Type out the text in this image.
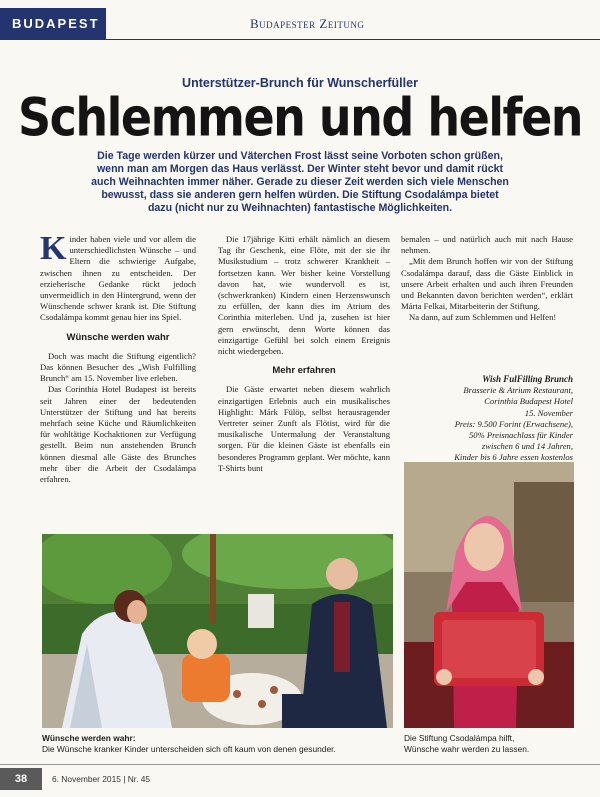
BUDAPEST	Budapester Zeitung
Unterstützer-Brunch für Wunscherfüller
Schlemmen und helfen
Die Tage werden kürzer und Väterchen Frost lässt seine Vorboten schon grüßen, wenn man am Morgen das Haus verlässt. Der Winter steht bevor und damit rückt auch Weihnachten immer näher. Gerade zu dieser Zeit werden sich viele Menschen bewusst, dass sie anderen gern helfen würden. Die Stiftung Csodalámpa bietet dazu (nicht nur zu Weihnachten) fantastische Möglichkeiten.
K inder haben viele und vor allem die unterschiedlichsten Wünsche – und Eltern die schwierige Aufgabe, zwischen ihnen zu entscheiden. Der erzieherische Gedanke rückt jedoch unvermeidlich in den Hintergrund, wenn der Wünschende schwer krank ist. Die Stiftung Csodalámpa kommt genau hier ins Spiel.

Wünsche werden wahr

Doch was macht die Stiftung eigentlich? Das können Besucher des „Wish Fulfilling Brunch“ am 15. November live erleben.

Das Corinthia Hotel Budapest ist bereits seit Jahren einer der bedeutenden Unterstützer der Stiftung und hat bereits mehrfach seine Küche und Räumlichkeiten für wohltätige Kochaktionen zur Verfügung gestellt. Beim nun anstehenden Brunch können diesmal alle Gäste des Brunches mehr über die Arbeit der Csodalámpa erfahren.

Die 17jährige Kitti erhält nämlich an diesem Tag ihr Geschenk, eine Flöte, mit der sie ihr Musikstudium – trotz schwerer Krankheit – fortsetzen kann. Wer bisher keine Vorstellung davon hat, wie wundervoll es ist, (schwerkranken) Kindern einen Herzenswunsch zu erfüllen, der kann dies im Atrium des Corinthia miterleben. Und ja, zusehen ist hier gern erwünscht, denn Worte können das einzigartige Gefühl bei solch einem Ereignis nicht wiedergeben.

Mehr erfahren

Die Gäste erwartet neben diesem wahrlich einzigartigen Erlebnis auch ein musikalisches Highlight: Márk Fülöp, selbst herausragender Vertreter seiner Zunft als Flötist, wird für die musikalische Untermalung der Veranstaltung sorgen. Für die kleinen Gäste ist ebenfalls ein besonderes Programm geplant. Wer möchte, kann T-Shirts bunt

bemalen – und natürlich auch mit nach Hause nehmen.

„Mit dem Brunch hoffen wir von der Stiftung Csodalámpa darauf, dass die Gäste Einblick in unsere Arbeit erhalten und auch ihren Freunden und Bekannten davon berichten werden“, erklärt Márta Felkai, Mitarbeiterin der Stiftung.

Na dann, auf zum Schlemmen und Helfen!

Wish FulFilling Brunch
Brasserie & Atrium Restaurant,
Corinthia Budapest Hotel
15. November
Preis: 9.500 Forint (Erwachsene),
50% Preisnachlass für Kinder
zwischen 6 und 14 Jahren,
Kinder bis 6 Jahre essen kostenlos
Wünsche werden wahr:
Die Wünsche kranker Kinder unterscheiden sich oft kaum von denen gesunder.
Die Stiftung Csodalámpa hilft,
Wünsche wahr werden zu lassen.
38	6. November 2015 | Nr. 45
